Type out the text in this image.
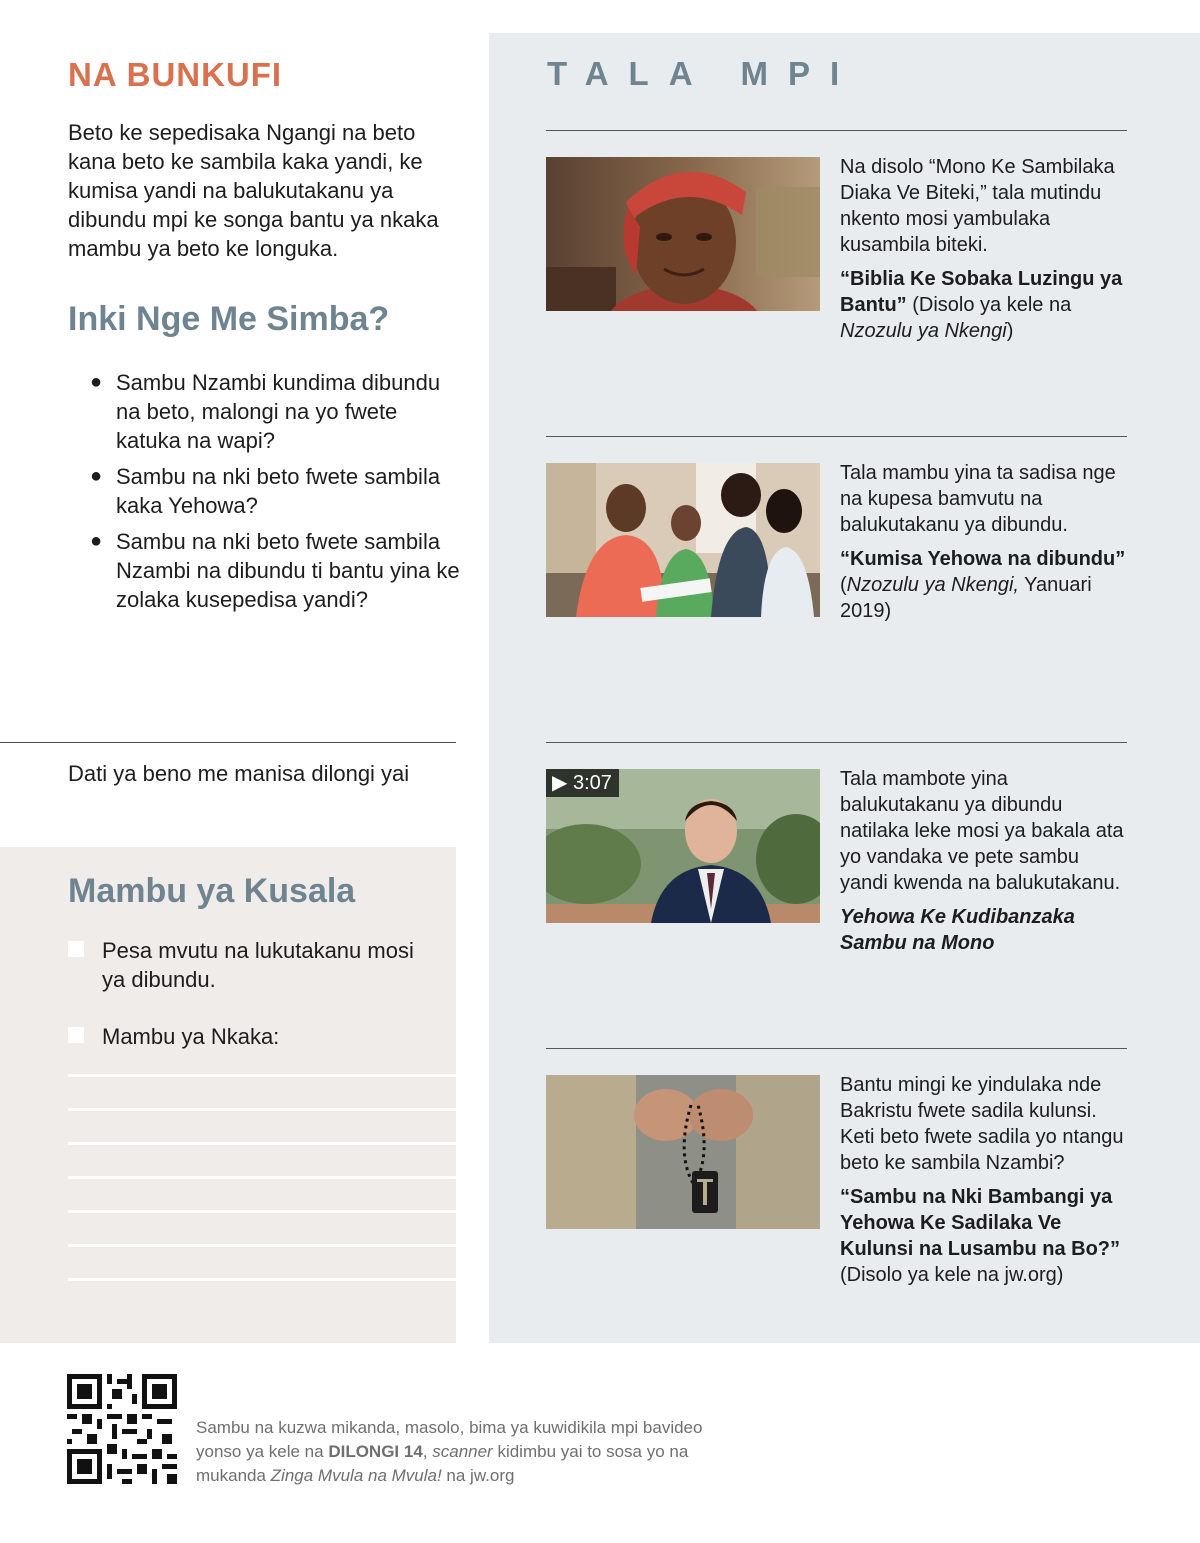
NA BUNKUFI

Beto ke sepedisaka Ngangi na beto kana beto ke sambila kaka yandi, ke kumisa yandi na balukutakanu ya dibundu mpi ke songa bantu ya nkaka mambu ya beto ke longuka.

Inki Nge Me Simba?
● Sambu Nzambi kundima dibundu na beto, malongi na yo fwete katuka na wapi?
● Sambu na nki beto fwete sambila kaka Yehowa?
● Sambu na nki beto fwete sambila Nzambi na dibundu ti bantu yina ke zolaka kusepedisa yandi?
Dati ya beno me manisa dilongi yai
Mambu ya Kusala
Pesa mvutu na lukutakanu mosi ya dibundu.
Mambu ya Nkaka:
TALA MPI

Na disolo “Mono Ke Sambilaka Diaka Ve Biteki,” tala mutindu nkento mosi yambulaka kusambila biteki.

“Biblia Ke Sobaka Luzingu ya Bantu” (Disolo ya kele na Nzozulu ya Nkengi)

Tala mambu yina ta sadisa nge na kupesa bamvutu na balukutakanu ya dibundu.

“Kumisa Yehowa na dibundu”
(Nzozulu ya Nkengi, Yanuari 2019)

▶ 3:07	Tala mambote yina balukutakanu ya dibundu natilaka leke mosi ya bakala ata yo vandaka ve pete sambu yandi kwenda na balukutakanu.

Yehowa Ke Kudibanzaka Sambu na Mono

Bantu mingi ke yindulaka nde Bakristu fwete sadila kulunsi. Keti beto fwete sadila yo ntangu beto ke sambila Nzambi?

“Sambu na Nki Bambangi ya Yehowa Ke Sadilaka Ve Kulunsi na Lusambu na Bo?”

(Disolo ya kele na jw.org)

Sambu na kuzwa mikanda, masolo, bima ya kuwidikila mpi bavideo yonso ya kele na DILONGI 14, scanner kidimbu yai to sosa yo na mukanda Zinga Mvula na Mvula! na jw.org
